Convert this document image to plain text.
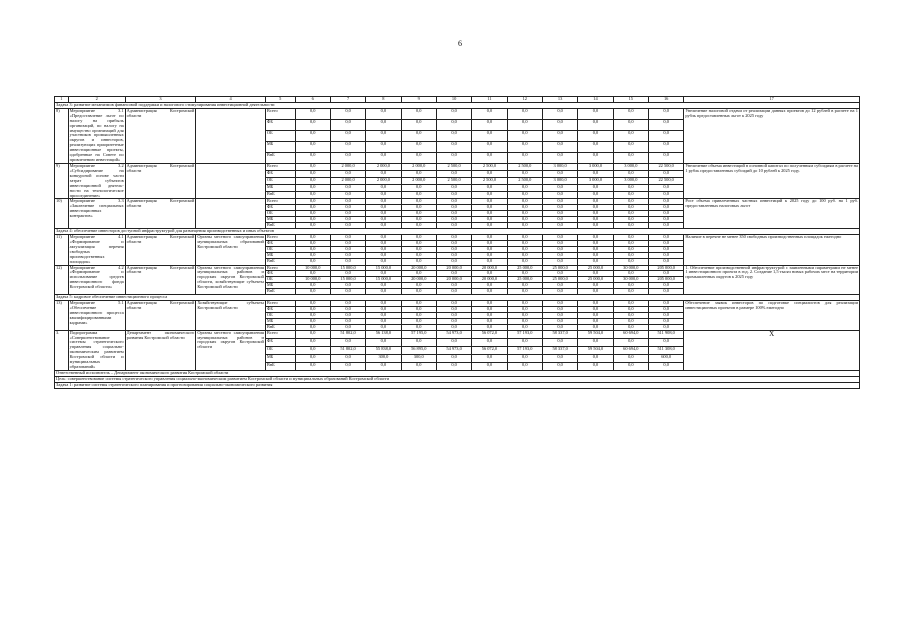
6
1	2	3	4	5	6	7	8	9	10	11	12	13	14	15	16	17
Задача 3: развитие механизмов финансовой поддержки и налогового стимулирования инвестиционной деятельности																
8)	Мероприятие 3.1 «Предоставление льгот по налогу на прибыль организаций, по налогу на имущество организаций для участников промышленных округов и инвесторов, реализующих приоритетные инвестиционные проекты, одобренные на Совете по привлечению инвестиций»	Администрация Костромской области		Всего	0,0	0,0	0,0	0,0	0,0	0,0	0,0	0,0	0,0	0,0	0,0	Увеличение налоговой отдачи от реализации данных проектов до 12 рублей в расчете на 1 рубль предоставленных льгот к 2025 году
				ФБ	0,0	0,0	0,0	0,0	0,0	0,0	0,0	0,0	0,0	0,0	0,0	
				ОБ	0,0	0,0	0,0	0,0	0,0	0,0	0,0	0,0	0,0	0,0	0,0	
				МБ	0,0	0,0	0,0	0,0	0,0	0,0	0,0	0,0	0,0	0,0	0,0	
				ВнБ	0,0	0,0	0,0	0,0	0,0	0,0	0,0	0,0	0,0	0,0	0,0	
9)	Мероприятие 3.2 «Субсидирование на конкурсной основе части затрат субъектов инвестиционной деятель-ности на технологическое присоединение»	Администрация Костромской области		Всего	0,0	2 000,0	2 000,0	2 000,0	2 500,0	2 500,0	2 500,0	3 000,0	3 000,0	3 000,0	22 500,0	Увеличение объема инвестиций в основной капитал по полученным субсидиям в расчете на 1 рубль предоставленных субсидий до 10 рублей к 2025 году.
				ФБ	0,0	0,0	0,0	0,0	0,0	0,0	0,0	0,0	0,0	0,0	0,0	
				ОБ	0,0	2 000,0	2 000,0	2 000,0	2 500,0	2 500,0	2 500,0	3 000,0	3 000,0	3 000,0	22 500,0	
				МБ	0,0	0,0	0,0	0,0	0,0	0,0	0,0	0,0	0,0	0,0	0,0	
				ВнБ	0,0	0,0	0,0	0,0	0,0	0,0	0,0	0,0	0,0	0,0	0,0	
10)	Мероприятие 3.3 «Заключение специальных инвестиционных контрактов»	Администрация Костромской области		Всего	0,0	0,0	0,0	0,0	0,0	0,0	0,0	0,0	0,0	0,0	0,0	Рост объема привлеченных частных инвестиций к 2025 году до 100 руб. на 1 руб. предоставленных налоговых льгот
				ФБ	0,0	0,0	0,0	0,0	0,0	0,0	0,0	0,0	0,0	0,0	0,0	
				ОБ	0,0	0,0	0,0	0,0	0,0	0,0	0,0	0,0	0,0	0,0	0,0	
				МБ	0,0	0,0	0,0	0,0	0,0	0,0	0,0	0,0	0,0	0,0	0,0	
				ВнБ	0,0	0,0	0,0	0,0	0,0	0,0	0,0	0,0	0,0	0,0	0,0	
Задача 4: обеспечение инвесторов доступной инфраструктурой для размещения производственных и иных объектов																
11)	Мероприятие 4.1 «Формирование и актуализация перечня свободных производственных площадок»	Администрация Костромской области	Органы местного самоуправления муниципальных образований Костромской области	Всего	0,0	0,0	0,0	0,0	0,0	0,0	0,0	0,0	0,0	0,0	0,0	Наличие в перечне не менее 350 свободных производственных площадок ежегодно
				ФБ	0,0	0,0	0,0	0,0	0,0	0,0	0,0	0,0	0,0	0,0	0,0	
				ОБ	0,0	0,0	0,0	0,0	0,0	0,0	0,0	0,0	0,0	0,0	0,0	
				МБ	0,0	0,0	0,0	0,0	0,0	0,0	0,0	0,0	0,0	0,0	0,0	
				ВнБ	0,0	0,0	0,0	0,0	0,0	0,0	0,0	0,0	0,0	0,0	0,0	
12)	Мероприятие 4.2 «Формирование и использование средств инвестиционного фонда Костромской области»	Администрация Костромской области	Органы местного самоуправления муниципальных районов и городских округов Костромской области, хозяйствующие субъекты Костромской области	Всего	10 000,0	15 000,0	15 000,0	20 000,0	20 000,0	20 000,0	25 000,0	25 000,0	25 000,0	30 000,0	205 000,0	1. Обеспечение производственной инфраструктурой с заявленными параметрами не менее 1 инвестиционного проекта в год. 2. Создание 1,5 тысяч новых рабочих мест на территории промышленных округов к 2025 году
				ФБ	0,0	0,0	0,0	0,0	0,0	0,0	0,0	0,0	0,0	0,0	0,0	
				ОБ	10 000,0	15 000,0	15 000,0	20 000,0	20 000,0	20 000,0	25 000,0	25 000,0	25 000,0	30 000,0	205 000,0	
				МБ	0,0	0,0	0,0	0,0	0,0	0,0	0,0	0,0	0,0	0,0	0,0	
				ВнБ	0,0	0,0	0,0	0,0	0,0	0,0	0,0	0,0	0,0	0,0	0,0	
Задача 5: кадровое обеспечение инвестиционного процесса																
13)	Мероприятие 5.1 «Обеспечение инвестиционного процесса квалифицированными кадрами»	Администрация Костромской области	Хозяйствующие субъекты Костромской области	Всего	0,0	0,0	0,0	0,0	0,0	0,0	0,0	0,0	0,0	0,0	0,0	Обеспечение заявок инвесторов по подготовке специалистов для реализации инвестиционных проектов в размере 100% ежегодно
				ФБ	0,0	0,0	0,0	0,0	0,0	0,0	0,0	0,0	0,0	0,0	0,0	
				ОБ	0,0	0,0	0,0	0,0	0,0	0,0	0,0	0,0	0,0	0,0	0,0	
				МБ	0,0	0,0	0,0	0,0	0,0	0,0	0,0	0,0	0,0	0,0	0,0	
				ВнБ	0,0	0,0	0,0	0,0	0,0	0,0	0,0	0,0	0,0	0,0	0,0	
3.	Подпрограмма «Совершенствование системы стратегического управления социально-экономическим развитием Костромской области и муниципальных образований»	Департамент экономического развития Костромской области	Органы местного самоуправления муниципальных районов и городских округов Костромской области	Всего	0,0	51 802,0	56 138,0	57 195,0	54 973,0	56 072,0	57 193,0	58 337,0	59 504,0	60 694,0	511 908,0	X
				ФБ	0,0	0,0	0,0	0,0	0,0	0,0	0,0	0,0	0,0	0,0	0,0	
				ОБ	0,0	51 802,0	55 838,0	56 895,0	54 973,0	56 072,0	57 193,0	58 337,0	59 504,0	60 694,0	511 308,0	
				МБ	0,0	0,0	300,0	300,0	0,0	0,0	0,0	0,0	0,0	0,0	600,0	
				ВнБ	0,0	0,0	0,0	0,0	0,0	0,0	0,0	0,0	0,0	0,0	0,0	
Ответственный исполнитель – Департамент экономического развития Костромской области																
Цель: совершенствование системы стратегического управления социально-экономическим развитием Костромской области и муниципальных образований Костромской области																
Задача 1: развитие системы стратегического планирования и прогнозирования социально-экономического развития																
